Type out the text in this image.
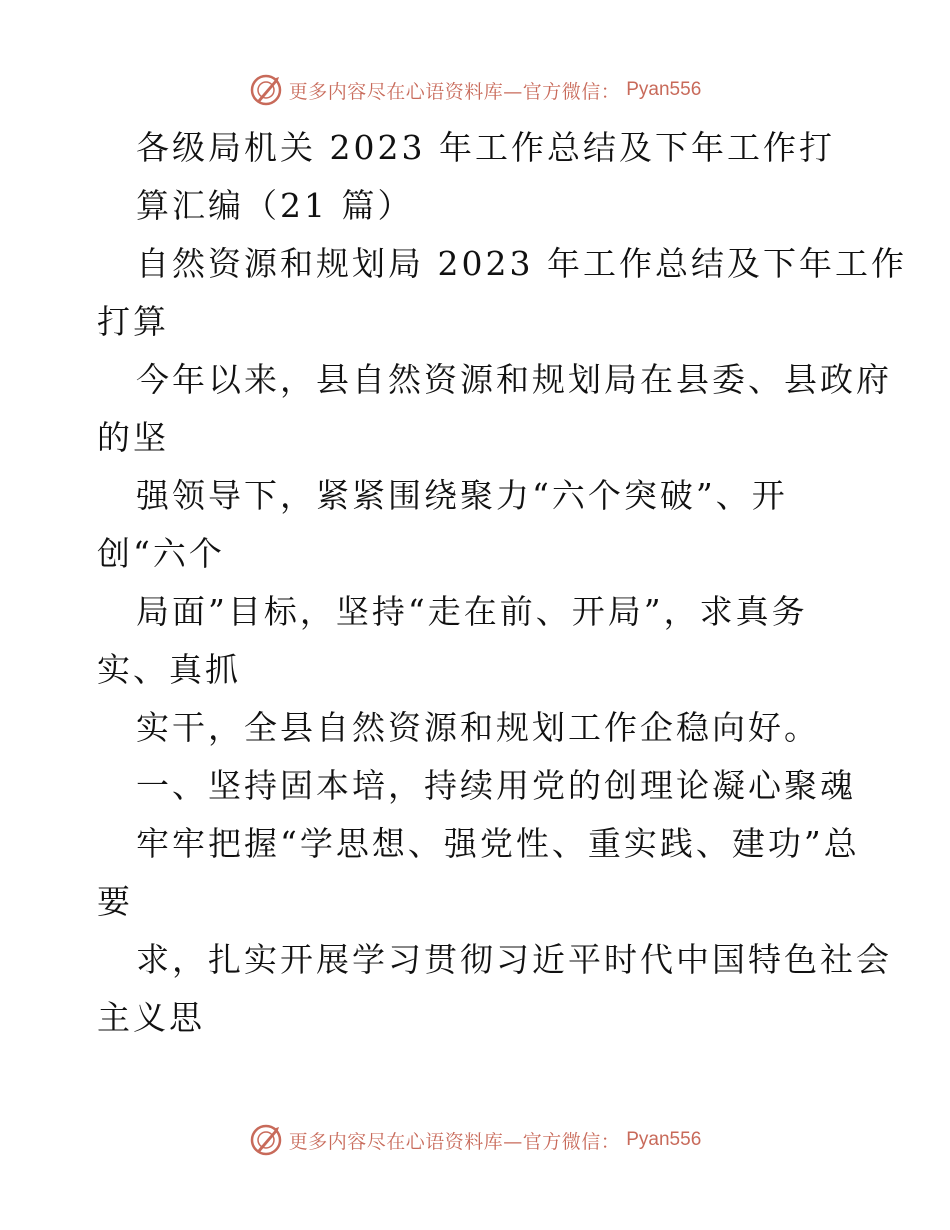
更多内容尽在心语资料库—官方微信： Pyan556
各级局机关 2023 年工作总结及下年工作打
算汇编（21 篇）
自然资源和规划局 2023 年工作总结及下年工作
打算
今年以来，县自然资源和规划局在县委、县政府
的坚
强领导下，紧紧围绕聚力“六个突破”、开
创“六个
局面”目标，坚持“走在前、开局”，求真务
实、真抓
实干，全县自然资源和规划工作企稳向好。
一、坚持固本培，持续用党的创理论凝心聚魂
牢牢把握“学思想、强党性、重实践、建功”总
要
求，扎实开展学习贯彻习近平时代中国特色社会
主义思
更多内容尽在心语资料库—官方微信： Pyan556
